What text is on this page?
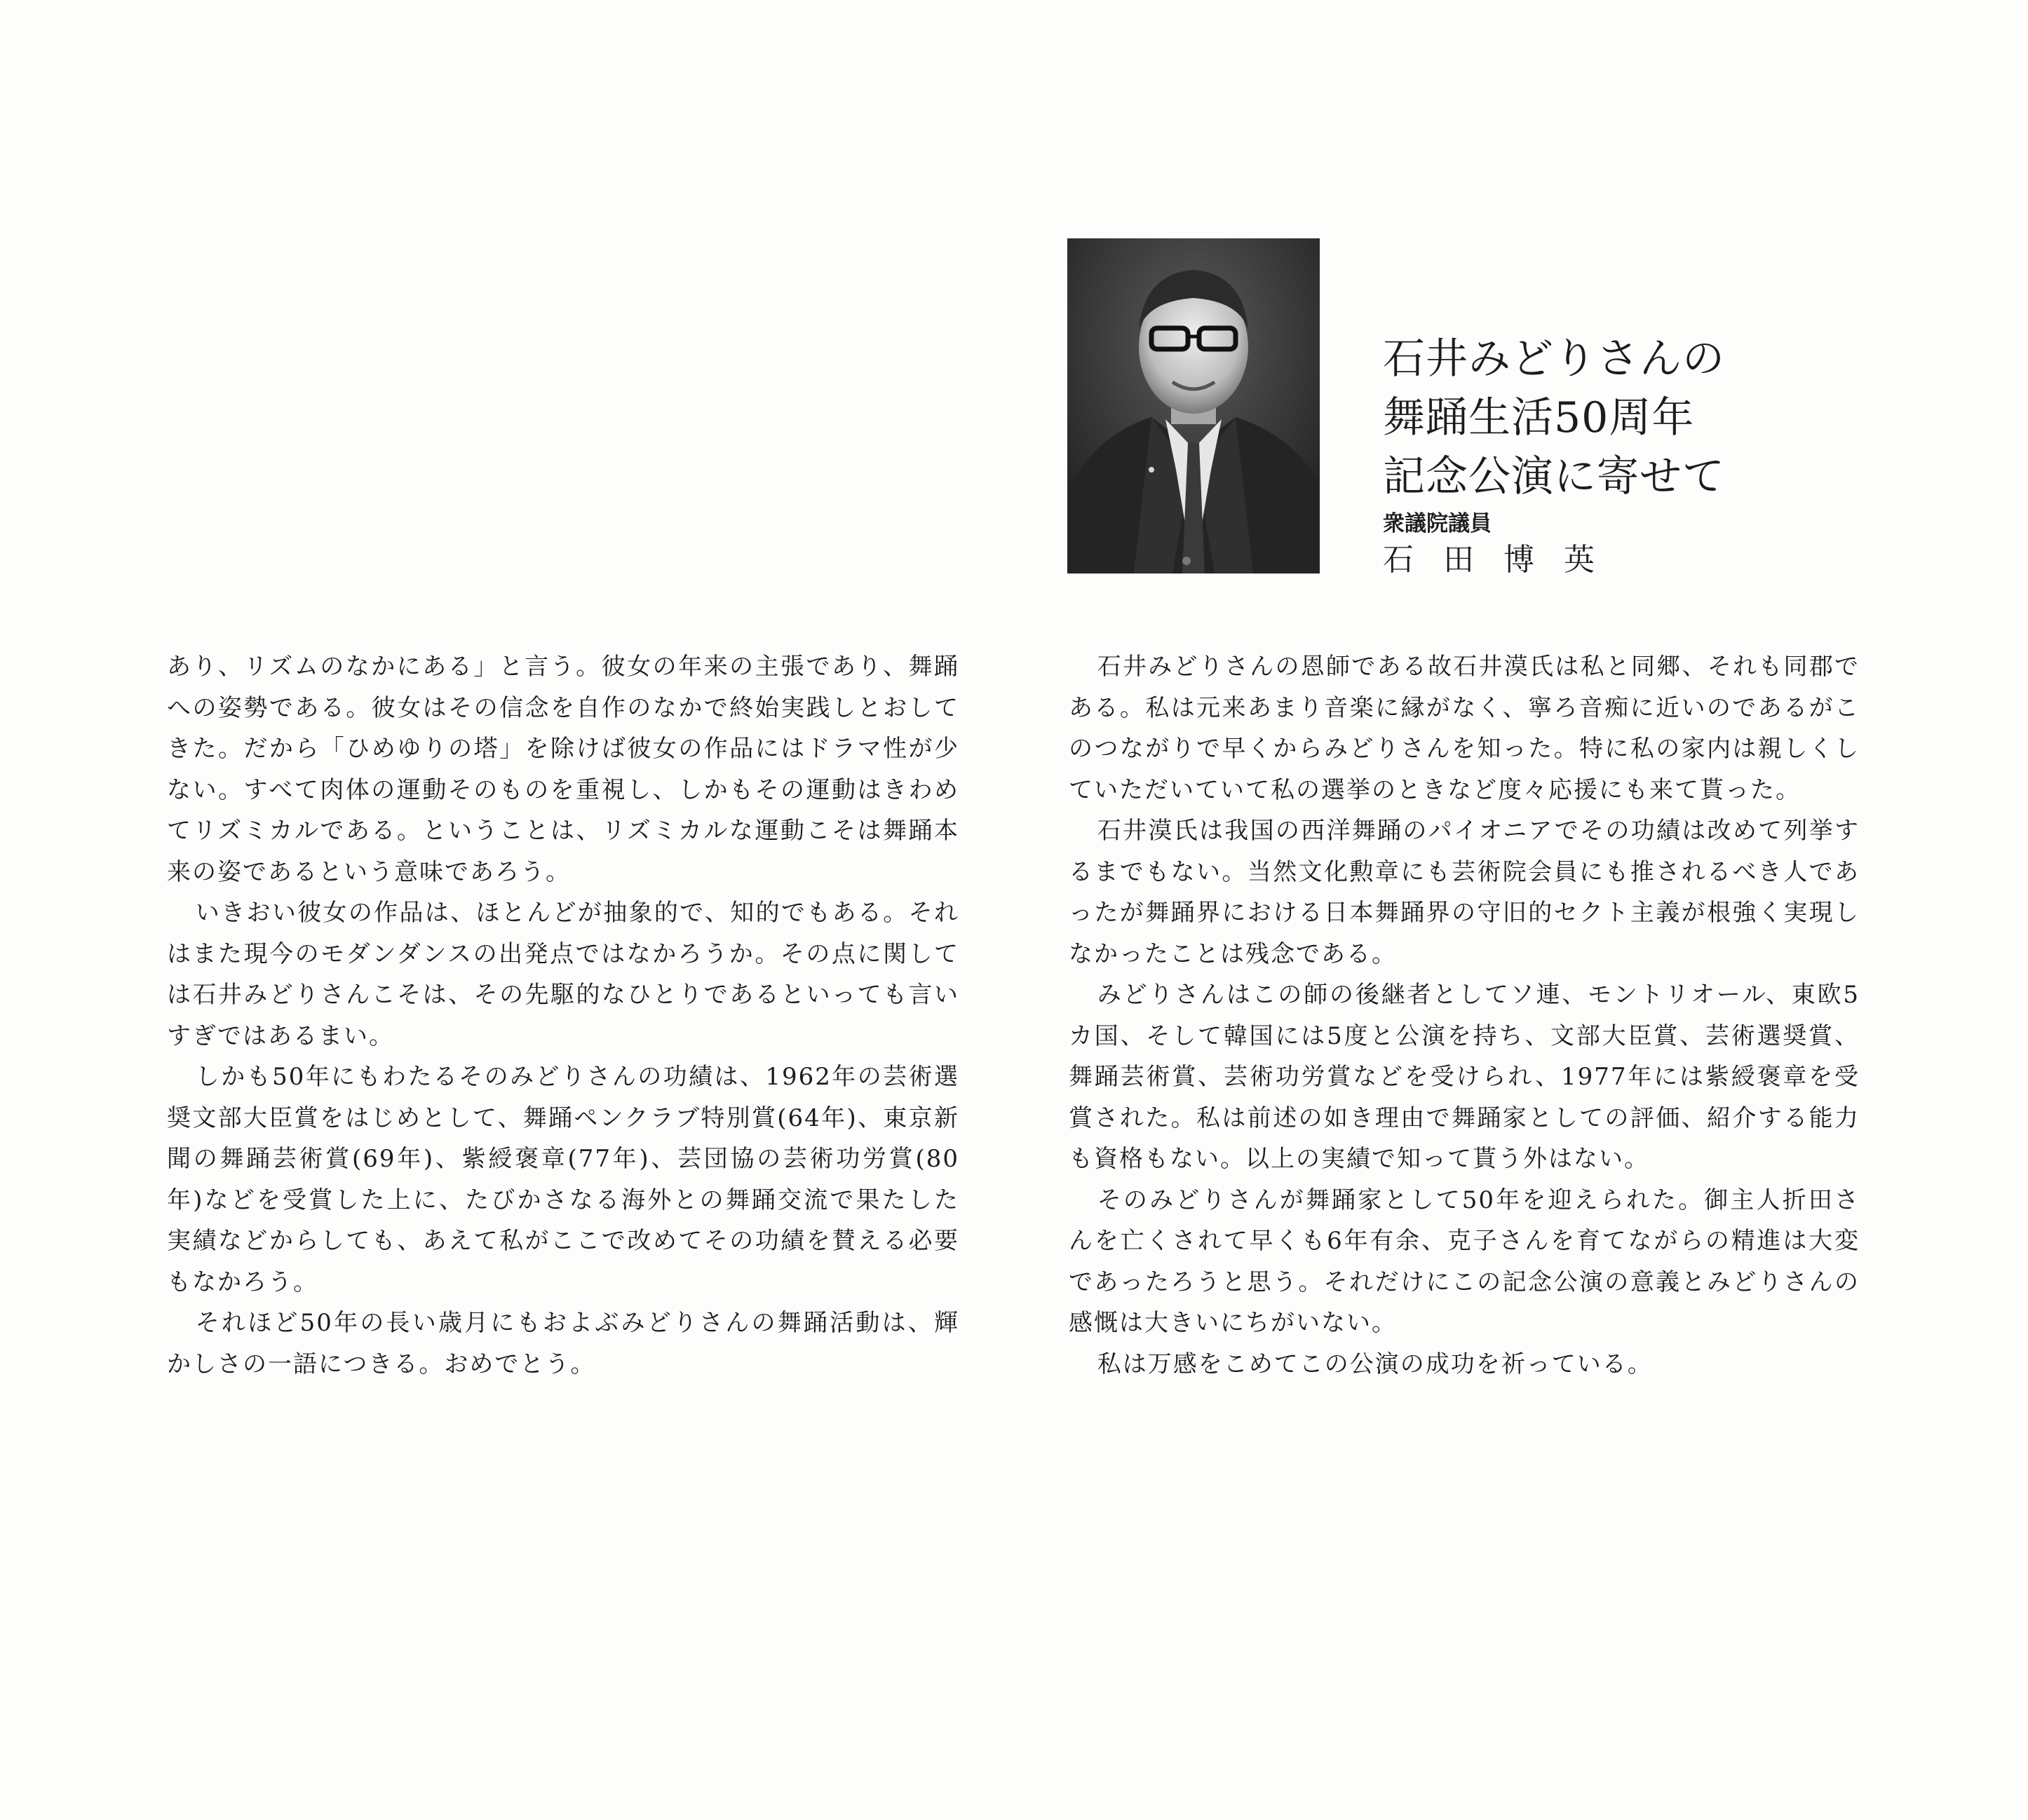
石井みどりさんの
舞踊生活50周年
記念公演に寄せて
衆議院議員
石田博英

あり、リズムのなかにある」と言う。彼女の年来の主張であり、舞踊への姿勢である。彼女はその信念を自作のなかで終始実践しとおしてきた。だから「ひめゆりの塔」を除けば彼女の作品にはドラマ性が少ない。すべて肉体の運動そのものを重視し、しかもその運動はきわめてリズミカルである。ということは、リズミカルな運動こそは舞踊本来の姿であるという意味であろう。

いきおい彼女の作品は、ほとんどが抽象的で、知的でもある。それはまた現今のモダンダンスの出発点ではなかろうか。その点に関しては石井みどりさんこそは、その先駆的なひとりであるといっても言いすぎではあるまい。

しかも50年にもわたるそのみどりさんの功績は、1962年の芸術選奨文部大臣賞をはじめとして、舞踊ペンクラブ特別賞(64年)、東京新聞の舞踊芸術賞(69年)、紫綬褒章(77年)、芸団協の芸術功労賞(80年)などを受賞した上に、たびかさなる海外との舞踊交流で果たした実績などからしても、あえて私がここで改めてその功績を賛える必要もなかろう。

それほど50年の長い歳月にもおよぶみどりさんの舞踊活動は、輝かしさの一語につきる。おめでとう。

石井みどりさんの恩師である故石井漠氏は私と同郷、それも同郡である。私は元来あまり音楽に縁がなく、寧ろ音痴に近いのであるがこのつながりで早くからみどりさんを知った。特に私の家内は親しくしていただいていて私の選挙のときなど度々応援にも来て貰った。

石井漠氏は我国の西洋舞踊のパイオニアでその功績は改めて列挙するまでもない。当然文化勲章にも芸術院会員にも推されるべき人であったが舞踊界における日本舞踊界の守旧的セクト主義が根強く実現しなかったことは残念である。

みどりさんはこの師の後継者としてソ連、モントリオール、東欧5カ国、そして韓国には5度と公演を持ち、文部大臣賞、芸術選奨賞、舞踊芸術賞、芸術功労賞などを受けられ、1977年には紫綬褒章を受賞された。私は前述の如き理由で舞踊家としての評価、紹介する能力も資格もない。以上の実績で知って貰う外はない。

そのみどりさんが舞踊家として50年を迎えられた。御主人折田さんを亡くされて早くも6年有余、克子さんを育てながらの精進は大変であったろうと思う。それだけにこの記念公演の意義とみどりさんの感慨は大きいにちがいない。

私は万感をこめてこの公演の成功を祈っている。
